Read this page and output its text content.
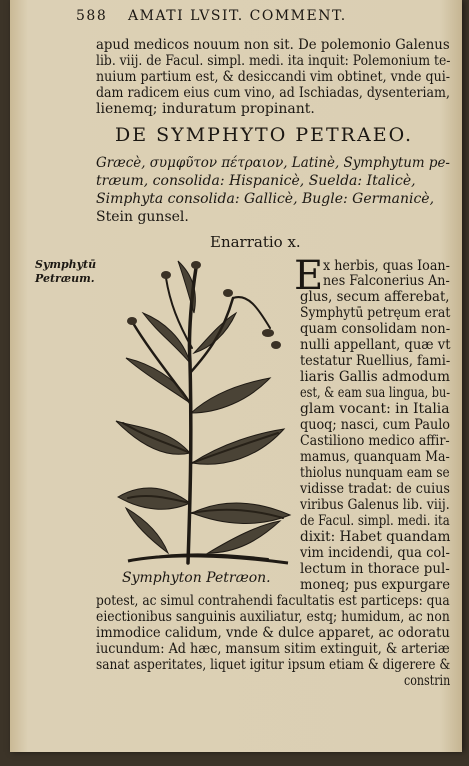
588 AMATI LVSIT. COMMENT.
apud medicos nouum non sit. De polemonio Galenus
lib. viij. de Facul. simpl. medi. ita inquit: Polemonium te-
nuium partium est, & desiccandi vim obtinet, vnde qui-
dam radicem eius cum vino, ad Ischiadas, dysenteriam,
lienemq; induratum propinant.
DE SYMPHYTO PETRAEO.
Græcè, συμφυ̃τον πέτραιον, Latinè, Symphytum pe-
træum, consolida: Hispanicè, Suelda: Italicè,
Simphyta consolida: Gallicè, Bugle: Germanicè,
Stein gunsel.
Enarratio x.
Symphytū
Petræum.	E x herbis, quas Ioan-
nes Falconerius An-
glus, secum afferebat,
Symphytū petręum erat
quam consolidam non-
nulli appellant, quæ vt
testatur Ruellius, fami-
liaris Gallis admodum
est, & eam sua lingua, bu-
glam vocant: in Italia
quoq; nasci, cum Paulo
Castiliono medico affir-
mamus, quanquam Ma-
thiolus nunquam eam se
vidisse tradat: de cuius
viribus Galenus lib. viij.
de Facul. simpl. medi. ita
dixit: Habet quandam
vim incidendi, qua col-
lectum in thorace pul-
moneq; pus expurgare
Symphyton Petræon.
potest, ac simul contrahendi facultatis est particeps: qua
eiectionibus sanguinis auxiliatur, estq; humidum, ac non
immodice calidum, vnde & dulce apparet, ac odoratu
iucundum: Ad hæc, mansum sitim extinguit, & arteriæ
sanat asperitates, liquet igitur ipsum etiam & digerere &
constrin
